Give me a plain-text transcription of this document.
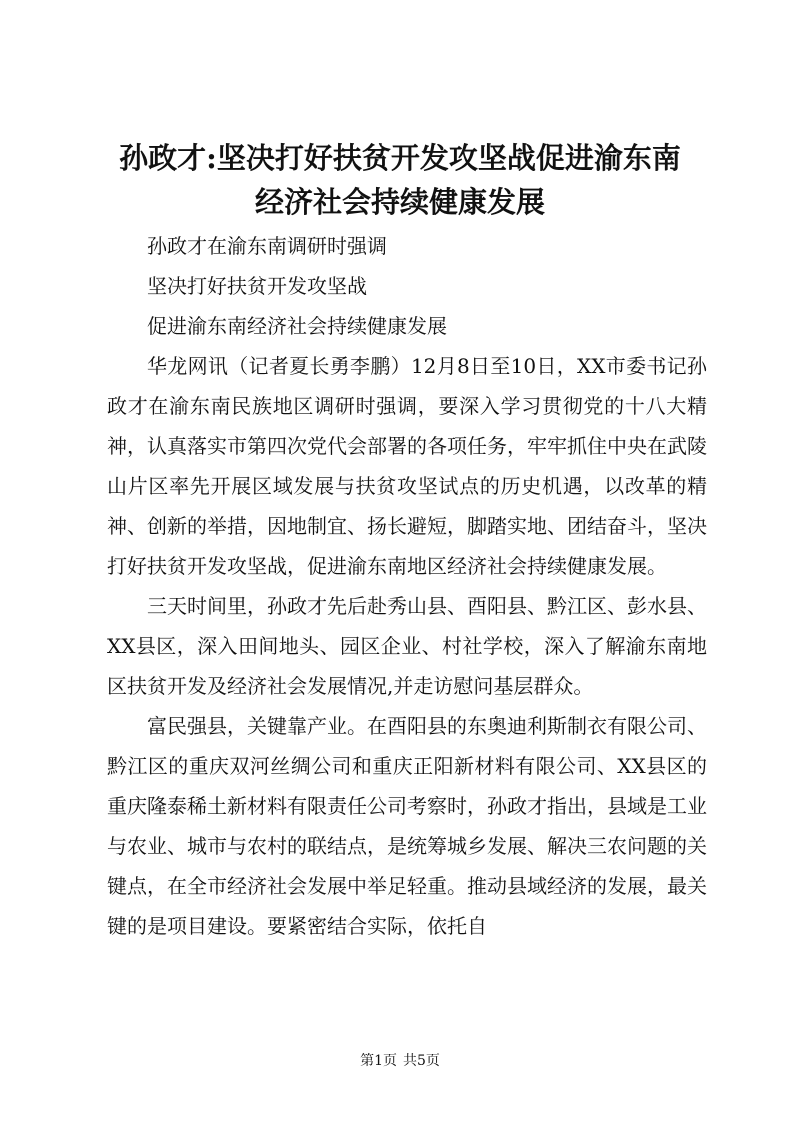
孙政才:坚决打好扶贫开发攻坚战促进渝东南
经济社会持续健康发展

孙政才在渝东南调研时强调

坚决打好扶贫开发攻坚战

促进渝东南经济社会持续健康发展

华龙网讯（记者夏长勇李鹏）12月8日至10日，XX市委书记孙政才在渝东南民族地区调研时强调，要深入学习贯彻党的十八大精神，认真落实市第四次党代会部署的各项任务，牢牢抓住中央在武陵山片区率先开展区域发展与扶贫攻坚试点的历史机遇，以改革的精神、创新的举措，因地制宜、扬长避短，脚踏实地、团结奋斗，坚决打好扶贫开发攻坚战，促进渝东南地区经济社会持续健康发展。

三天时间里，孙政才先后赴秀山县、酉阳县、黔江区、彭水县、XX县区，深入田间地头、园区企业、村社学校，深入了解渝东南地区扶贫开发及经济社会发展情况,并走访慰问基层群众。

富民强县，关键靠产业。在酉阳县的东奥迪利斯制衣有限公司、黔江区的重庆双河丝绸公司和重庆正阳新材料有限公司、XX县区的重庆隆泰稀土新材料有限责任公司考察时，孙政才指出，县域是工业与农业、城市与农村的联结点，是统筹城乡发展、解决三农问题的关键点，在全市经济社会发展中举足轻重。推动县域经济的发展，最关键的是项目建设。要紧密结合实际，依托自

第1页 共5页
